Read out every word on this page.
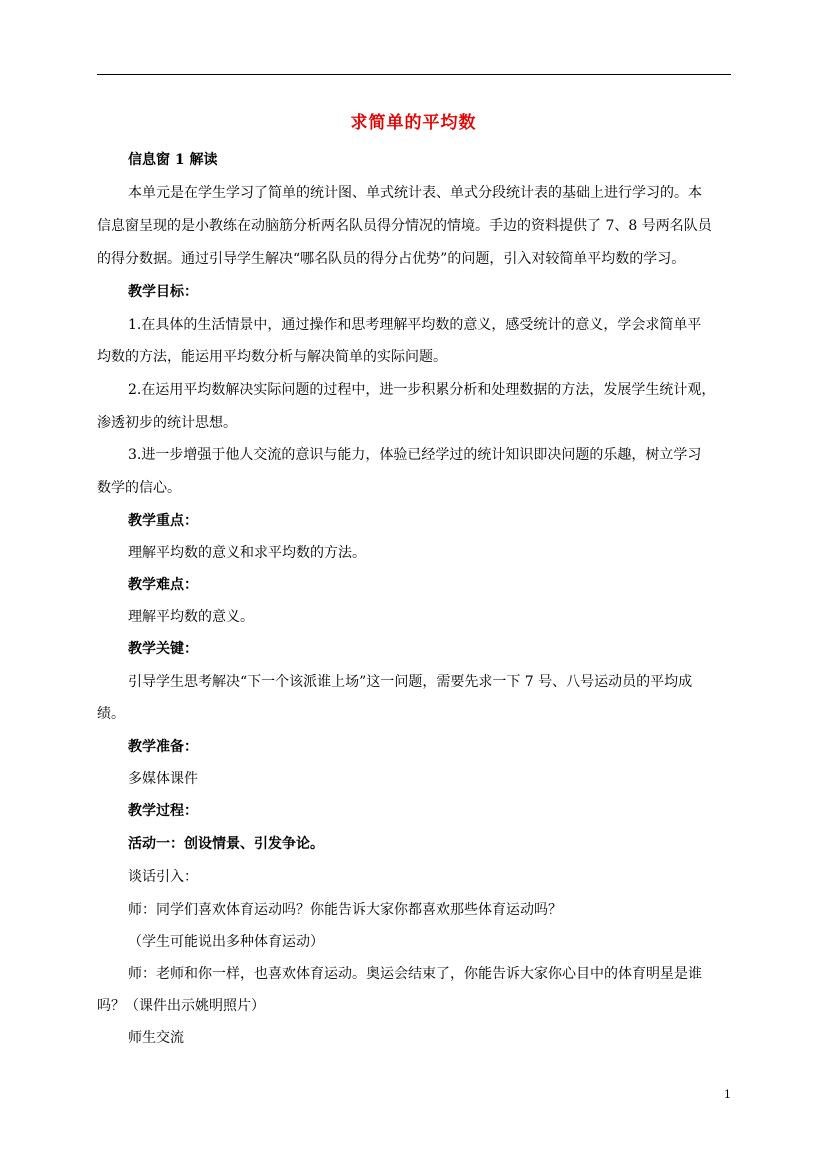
求简单的平均数
信息窗 1 解读
本单元是在学生学习了简单的统计图、单式统计表、单式分段统计表的基础上进行学习的。本
信息窗呈现的是小教练在动脑筋分析两名队员得分情况的情境。手边的资料提供了 7、8 号两名队员
的得分数据。通过引导学生解决“哪名队员的得分占优势”的问题，引入对较简单平均数的学习。
教学目标：
1.在具体的生活情景中，通过操作和思考理解平均数的意义，感受统计的意义，学会求简单平
均数的方法，能运用平均数分析与解决简单的实际问题。
2.在运用平均数解决实际问题的过程中，进一步积累分析和处理数据的方法，发展学生统计观，
渗透初步的统计思想。
3.进一步增强于他人交流的意识与能力，体验已经学过的统计知识即决问题的乐趣，树立学习
数学的信心。
教学重点：
理解平均数的意义和求平均数的方法。
教学难点：
理解平均数的意义。
教学关键：
引导学生思考解决“下一个该派谁上场”这一问题，需要先求一下 7 号、八号运动员的平均成
绩。
教学准备：
多媒体课件
教学过程：
活动一：创设情景、引发争论。
谈话引入：
师：同学们喜欢体育运动吗？你能告诉大家你都喜欢那些体育运动吗？
（学生可能说出多种体育运动）
师：老师和你一样，也喜欢体育运动。奥运会结束了，你能告诉大家你心目中的体育明星是谁
吗？（课件出示姚明照片）
师生交流
1
